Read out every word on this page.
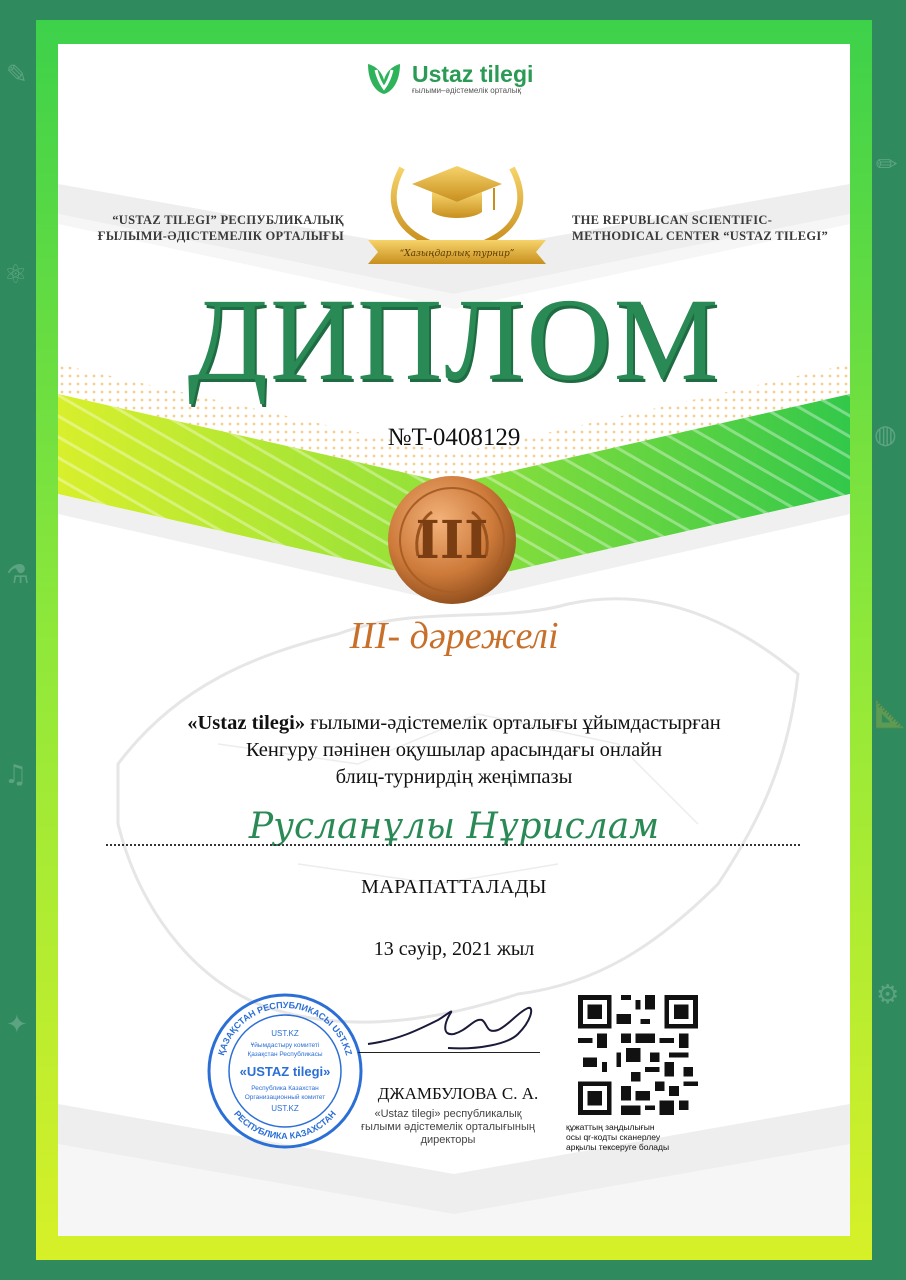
✎
⚛
⚗
♫
✦
✏
◍
📐
⚙
Ustaz tilegi
ғылыми–әдістемелік орталық
“USTAZ TILEGI” РЕСПУБЛИКАЛЫҚ
ҒЫЛЫМИ-ӘДІСТЕМЕЛІК ОРТАЛЫҒЫ
“Хазыңдарлық турнир”
THE REPUBLICAN SCIENTIFIC-
METHODICAL CENTER “USTAZ TILEGI”
ДИПЛОМ
№T-0408129
III
III- дәрежелі
«Ustaz tilegi» ғылыми-әдістемелік орталығы ұйымдастырған
Кенгуру пәнінен оқушылар арасындағы онлайн
блиц-турнирдің жеңімпазы
Русланұлы Нұрислам
МАРАПАТТАЛАДЫ
13 сәуір, 2021 жыл
ҚАЗАҚСТАН РЕСПУБЛИКАСЫ UST.KZ
РЕСПУБЛИКА КАЗАХСТАН
UST.KZ
Ұйымдастыру комитеті
Қазақстан Республикасы
«USTAZ tilegi»
Республика Казахстан
Организационный комитет
UST.KZ
ДЖАМБУЛОВА С. А.
«Ustaz tilegi» республикалық
ғылыми әдістемелік орталығының
директоры
құжаттың заңдылығын
осы qr-кодты сканерлеу
арқылы тексеруге болады
